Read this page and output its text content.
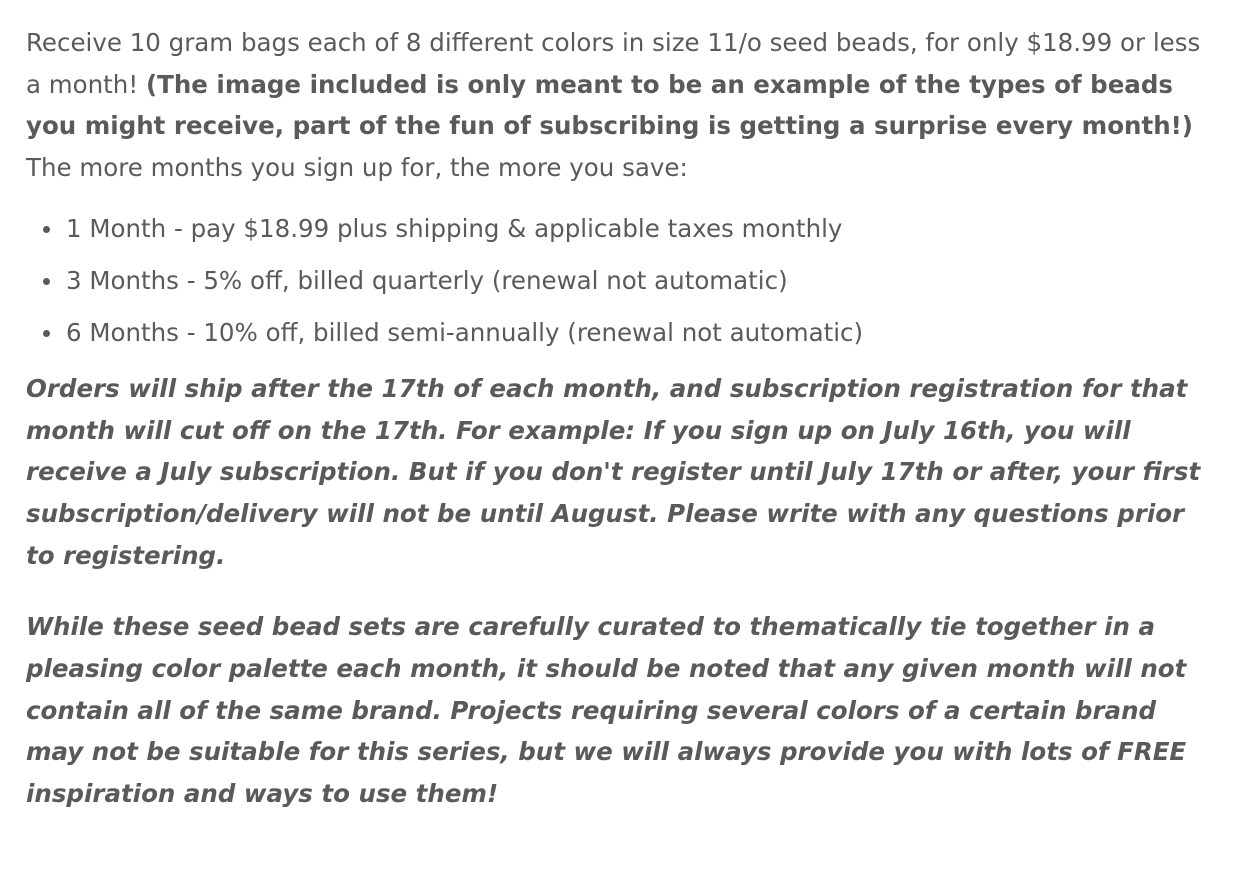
Receive 10 gram bags each of 8 different colors in size 11/o seed beads, for only $18.99 or less a month! (The image included is only meant to be an example of the types of beads you might receive, part of the fun of subscribing is getting a surprise every month!) The more months you sign up for, the more you save:

1 Month - pay $18.99 plus shipping & applicable taxes monthly
3 Months - 5% off, billed quarterly (renewal not automatic)
6 Months - 10% off, billed semi-annually (renewal not automatic)

Orders will ship after the 17th of each month, and subscription registration for that month will cut off on the 17th. For example: If you sign up on July 16th, you will receive a July subscription. But if you don't register until July 17th or after, your first subscription/delivery will not be until August. Please write with any questions prior to registering.

While these seed bead sets are carefully curated to thematically tie together in a pleasing color palette each month, it should be noted that any given month will not contain all of the same brand. Projects requiring several colors of a certain brand may not be suitable for this series, but we will always provide you with lots of FREE inspiration and ways to use them!
